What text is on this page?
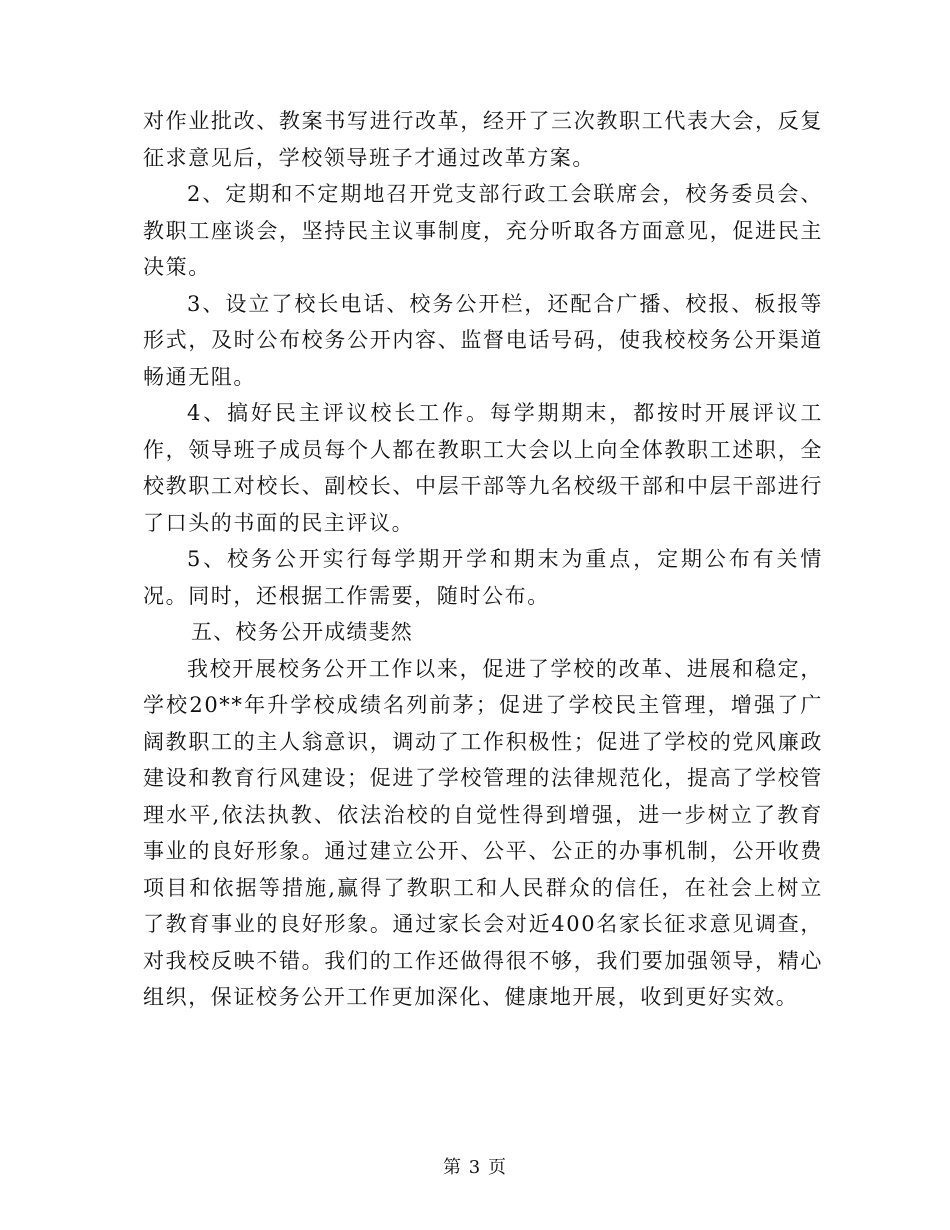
对作业批改、教案书写进行改革，经开了三次教职工代表大会，反复征求意见后，学校领导班子才通过改革方案。

2、定期和不定期地召开党支部行政工会联席会，校务委员会、教职工座谈会，坚持民主议事制度，充分听取各方面意见，促进民主决策。

3、设立了校长电话、校务公开栏，还配合广播、校报、板报等形式，及时公布校务公开内容、监督电话号码，使我校校务公开渠道畅通无阻。

4、搞好民主评议校长工作。每学期期末，都按时开展评议工作，领导班子成员每个人都在教职工大会以上向全体教职工述职，全校教职工对校长、副校长、中层干部等九名校级干部和中层干部进行了口头的书面的民主评议。

5、校务公开实行每学期开学和期末为重点，定期公布有关情况。同时，还根据工作需要，随时公布。

五、校务公开成绩斐然

我校开展校务公开工作以来，促进了学校的改革、进展和稳定，学校20**年升学校成绩名列前茅；促进了学校民主管理，增强了广阔教职工的主人翁意识，调动了工作积极性；促进了学校的党风廉政建设和教育行风建设；促进了学校管理的法律规范化，提高了学校管理水平,依法执教、依法治校的自觉性得到增强，进一步树立了教育事业的良好形象。通过建立公开、公平、公正的办事机制，公开收费项目和依据等措施,赢得了教职工和人民群众的信任，在社会上树立了教育事业的良好形象。通过家长会对近400名家长征求意见调查，对我校反映不错。我们的工作还做得很不够，我们要加强领导，精心组织，保证校务公开工作更加深化、健康地开展，收到更好实效。

第 3 页
